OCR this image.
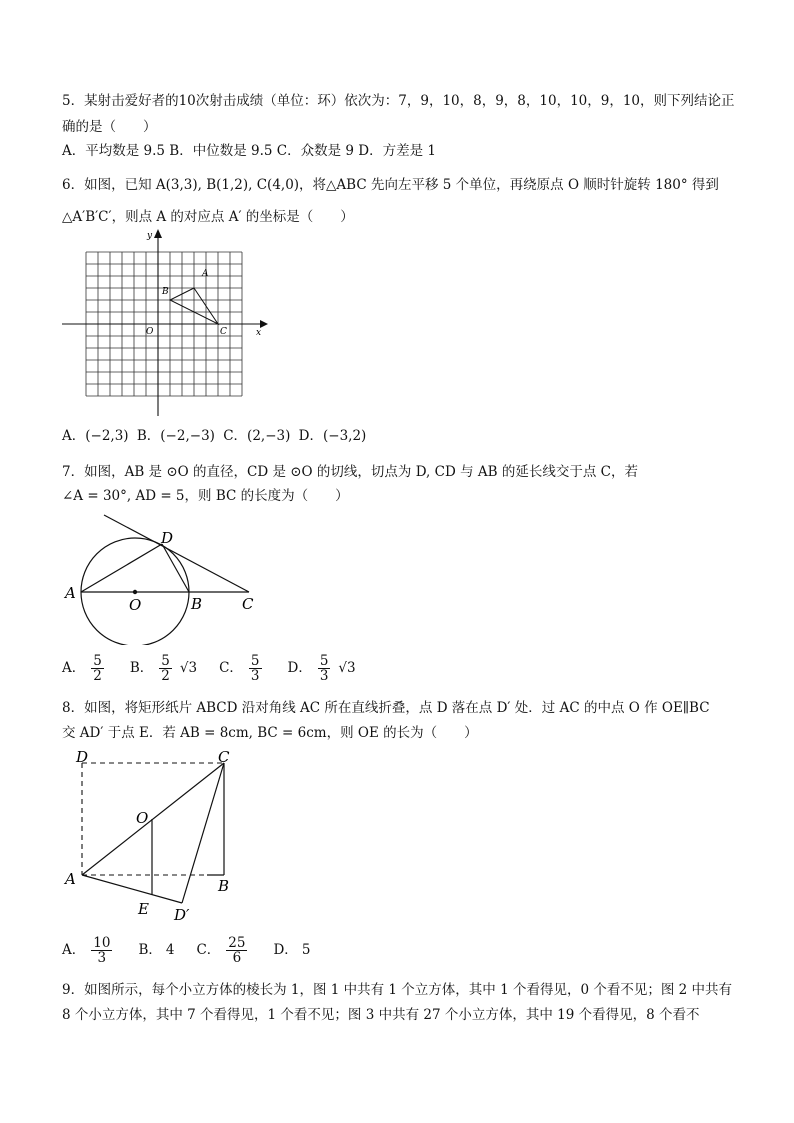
5．某射击爱好者的10次射击成绩（单位：环）依次为：7，9，10，8，9，8，10，10，9，10，则下列结论正
确的是（　　）
A．平均数是 9.5 B．中位数是 9.5 C．众数是 9 D．方差是 1
6．如图，已知 A(3,3), B(1,2), C(4,0)，将△ABC 先向左平移 5 个单位，再绕原点 O 顺时针旋转 180° 得到
△A′B′C′，则点 A 的对应点 A′ 的坐标是（　　）
x
y
O
A
B
C
A．(−2,3) B．(−2,−3) C．(2,−3) D．(−3,2)
7．如图，AB 是 ⊙O 的直径，CD 是 ⊙O 的切线，切点为 D, CD 与 AB 的延长线交于点 C，若
∠A = 30°, AD = 5，则 BC 的长度为（　　）
A
O	B	C
D
A． $\frac{5}{2}$ B． $\frac{5}{2} √3$ C． $\frac{5}{3}$ D． $\frac{5}{3} √3$
8．如图，将矩形纸片 ABCD 沿对角线 AC 所在直线折叠，点 D 落在点 D′ 处．过 AC 的中点 O 作 OE∥BC
交 AD′ 于点 E．若 AB = 8cm, BC = 6cm，则 OE 的长为（　　）
D	C
O
A	B
E D′
A． $\frac{10}{3}$ B． 4 C． $\frac{25}{6}$ D． 5
9．如图所示，每个小立方体的棱长为 1，图 1 中共有 1 个立方体，其中 1 个看得见，0 个看不见；图 2 中共有
8 个小立方体，其中 7 个看得见，1 个看不见；图 3 中共有 27 个小立方体，其中 19 个看得见，8 个看不
